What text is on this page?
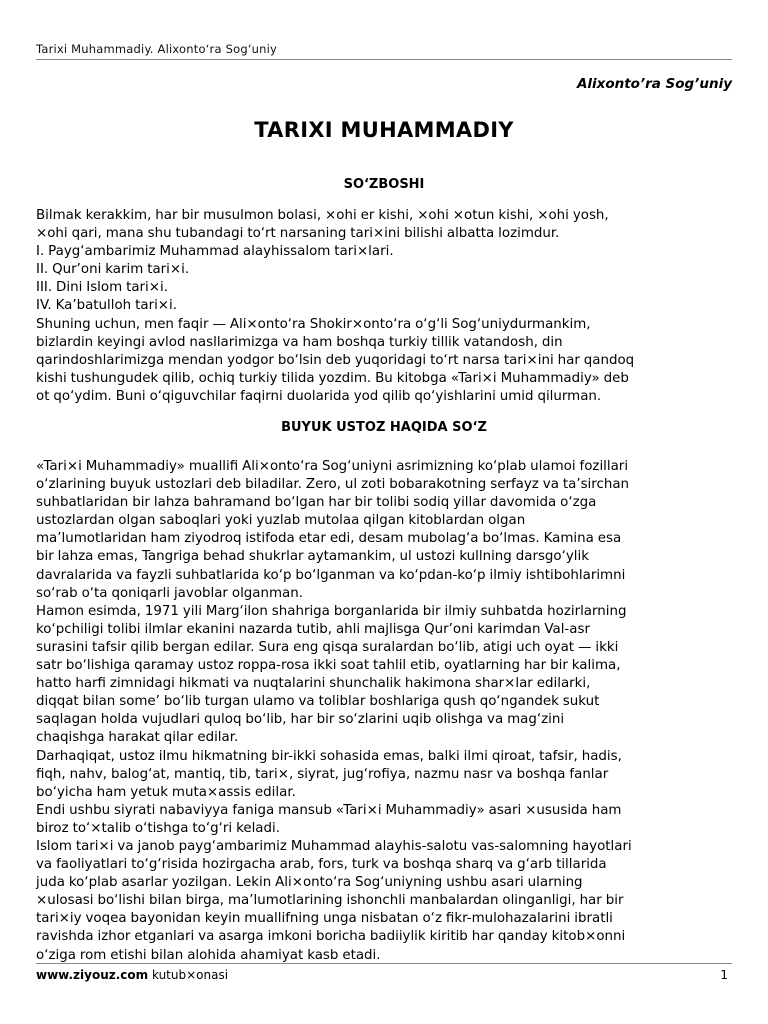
Tarixi Muhammadiy. Alixonto‘ra Sog‘uniy
Alixonto’ra Sog’uniy
TARIXI MUHAMMADIY
SO‘ZBOSHI
Bilmak kerakkim, har bir musulmon bolasi, ×ohi er kishi, ×ohi ×otun kishi, ×ohi yosh,
×ohi qari, mana shu tubandagi to‘rt narsaning tari×ini bilishi albatta lozimdur.
I. Payg‘ambarimiz Muhammad alayhissalom tari×lari.
II. Qur’oni karim tari×i.
III. Dini Islom tari×i.
IV. Ka’batulloh tari×i.
Shuning uchun, men faqir — Ali×onto‘ra Shokir×onto‘ra o‘g‘li Sog‘uniydurmankim,
bizlardin keyingi avlod nasllarimizga va ham boshqa turkiy tillik vatandosh, din
qarindoshlarimizga mendan yodgor bo‘lsin deb yuqoridagi to‘rt narsa tari×ini har qandoq
kishi tushungudek qilib, ochiq turkiy tilida yozdim. Bu kitobga «Tari×i Muhammadiy» deb
ot qo‘ydim. Buni o‘qiguvchilar faqirni duolarida yod qilib qo‘yishlarini umid qilurman.
BUYUK USTOZ HAQIDA SO‘Z
«Tari×i Muhammadiy» muallifi Ali×onto‘ra Sog‘uniyni asrimizning ko‘plab ulamoi fozillari
o‘zlarining buyuk ustozlari deb biladilar. Zero, ul zoti bobarakotning serfayz va ta’sirchan
suhbatlaridan bir lahza bahramand bo‘lgan har bir tolibi sodiq yillar davomida o‘zga
ustozlardan olgan saboqlari yoki yuzlab mutolaa qilgan kitoblardan olgan
ma’lumotlaridan ham ziyodroq istifoda etar edi, desam mubolag‘a bo‘lmas. Kamina esa
bir lahza emas, Tangriga behad shukrlar aytamankim, ul ustozi kullning darsgo‘ylik
davralarida va fayzli suhbatlarida ko‘p bo‘lganman va ko‘pdan-ko‘p ilmiy ishtibohlarimni
so‘rab o‘ta qoniqarli javoblar olganman.
Hamon esimda, 1971 yili Marg‘ilon shahriga borganlarida bir ilmiy suhbatda hozirlarning
ko‘pchiligi tolibi ilmlar ekanini nazarda tutib, ahli majlisga Qur’oni karimdan Val-asr
surasini tafsir qilib bergan edilar. Sura eng qisqa suralardan bo‘lib, atigi uch oyat — ikki
satr bo‘lishiga qaramay ustoz roppa-rosa ikki soat tahlil etib, oyatlarning har bir kalima,
hatto harfi zimnidagi hikmati va nuqtalarini shunchalik hakimona shar×lar edilarki,
diqqat bilan some’ bo‘lib turgan ulamo va toliblar boshlariga qush qo‘ngandek sukut
saqlagan holda vujudlari quloq bo‘lib, har bir so‘zlarini uqib olishga va mag‘zini
chaqishga harakat qilar edilar.
Darhaqiqat, ustoz ilmu hikmatning bir-ikki sohasida emas, balki ilmi qiroat, tafsir, hadis,
fiqh, nahv, balog‘at, mantiq, tib, tari×, siyrat, jug‘rofiya, nazmu nasr va boshqa fanlar
bo‘yicha ham yetuk muta×assis edilar.
Endi ushbu siyrati nabaviyya faniga mansub «Tari×i Muhammadiy» asari ×ususida ham
biroz to‘×talib o‘tishga to‘g‘ri keladi.
Islom tari×i va janob payg‘ambarimiz Muhammad alayhis-salotu vas-salomning hayotlari
va faoliyatlari to‘g‘risida hozirgacha arab, fors, turk va boshqa sharq va g‘arb tillarida
juda ko‘plab asarlar yozilgan. Lekin Ali×onto‘ra Sog‘uniyning ushbu asari ularning
×ulosasi bo‘lishi bilan birga, ma’lumotlarining ishonchli manbalardan olinganligi, har bir
tari×iy voqea bayonidan keyin muallifning unga nisbatan o‘z fikr-mulohazalarini ibratli
ravishda izhor etganlari va asarga imkoni boricha badiiylik kiritib har qanday kitob×onni
o‘ziga rom etishi bilan alohida ahamiyat kasb etadi.
www.ziyouz.com kutub×onasi	1
